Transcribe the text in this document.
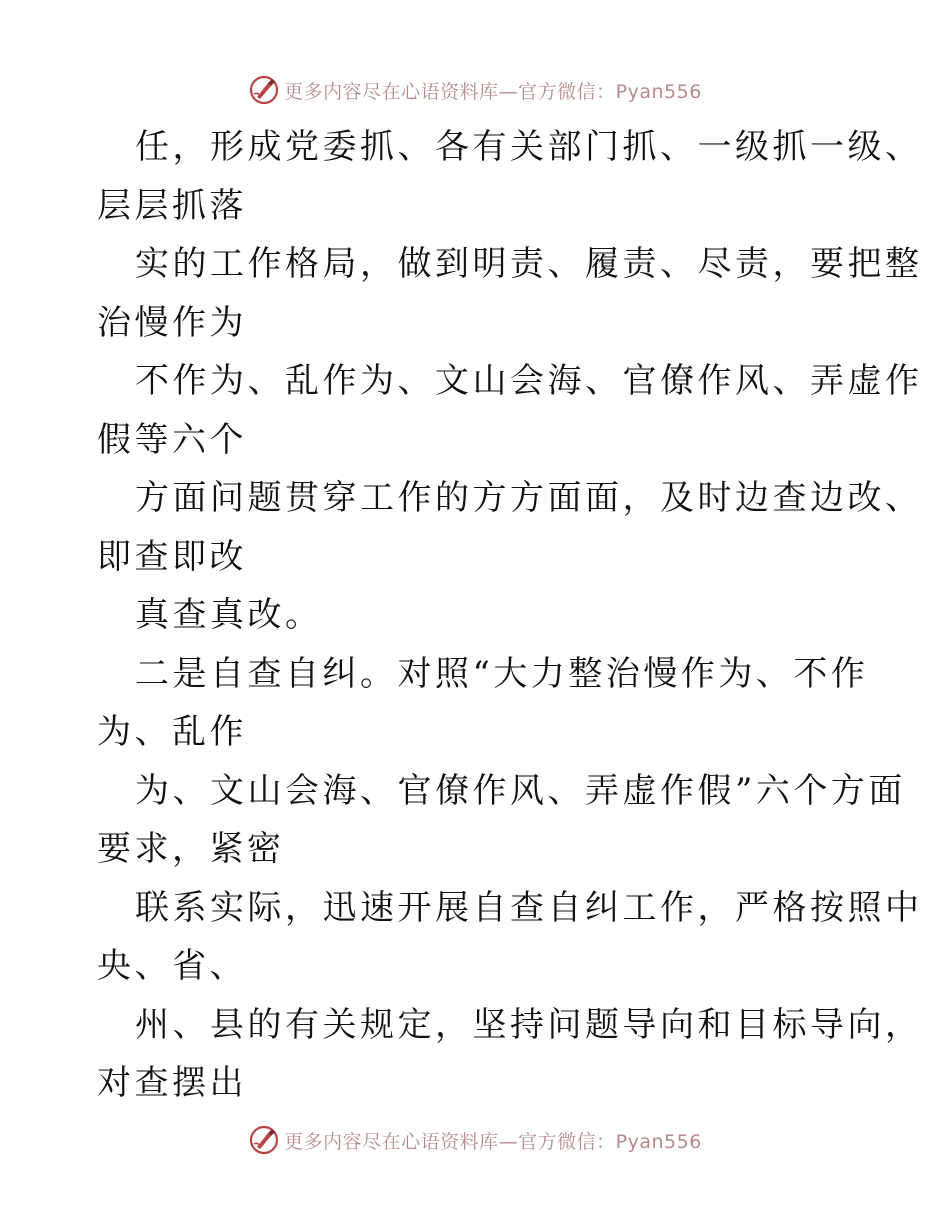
更多内容尽在心语资料库—官方微信：Pyan556
任，形成党委抓、各有关部门抓、一级抓一级、
层层抓落
实的工作格局，做到明责、履责、尽责，要把整
治慢作为
不作为、乱作为、文山会海、官僚作风、弄虚作
假等六个
方面问题贯穿工作的方方面面，及时边查边改、
即查即改
真查真改。
二是自查自纠。对照“大力整治慢作为、不作
为、乱作
为、文山会海、官僚作风、弄虚作假”六个方面
要求，紧密
联系实际，迅速开展自查自纠工作，严格按照中
央、省、
州、县的有关规定，坚持问题导向和目标导向，
对查摆出
更多内容尽在心语资料库—官方微信：Pyan556
